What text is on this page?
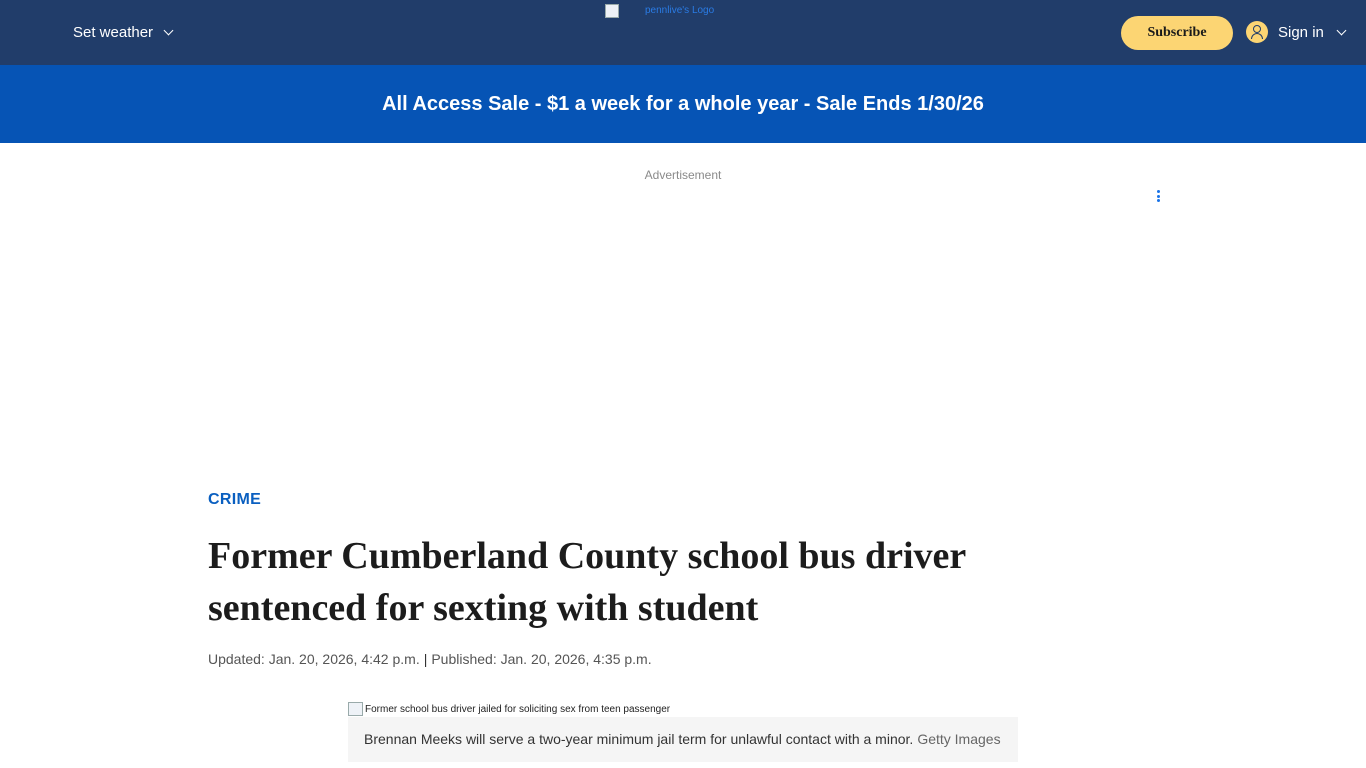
Set weather
pennlive's Logo
Subscribe	Sign in
All Access Sale - $1 a week for a whole year - Sale Ends 1/30/26
Advertisement
CRIME
Former Cumberland County school bus driver sentenced for sexting with student
Updated: Jan. 20, 2026, 4:42 p.m. | Published: Jan. 20, 2026, 4:35 p.m.
Former school bus driver jailed for soliciting sex from teen passenger
Brennan Meeks will serve a two-year minimum jail term for unlawful contact with a minor. Getty Images
